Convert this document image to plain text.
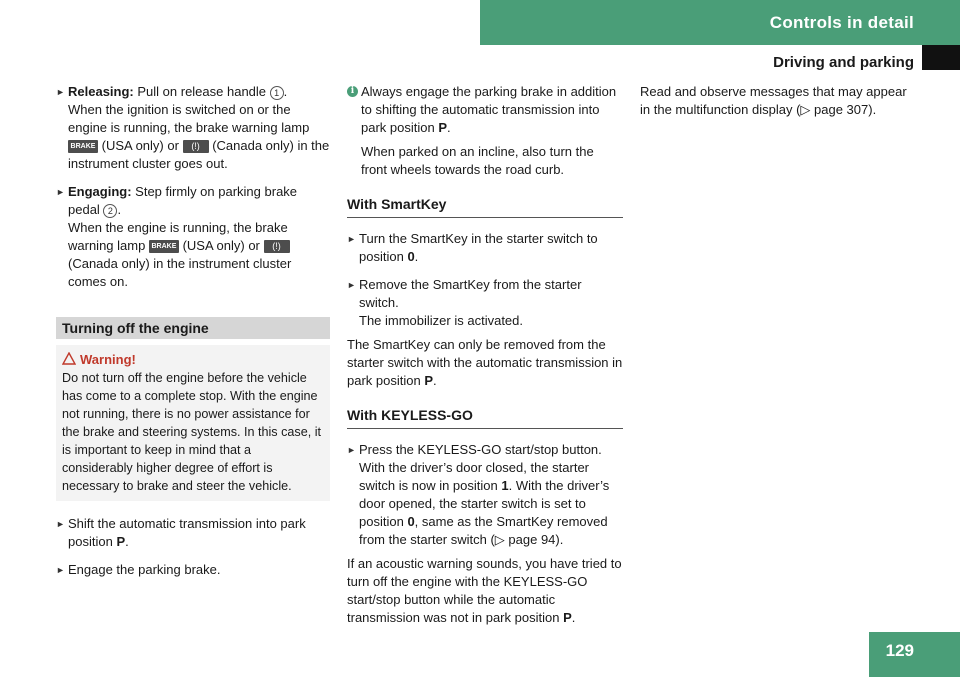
Controls in detail
Driving and parking
► Releasing: Pull on release handle 1 .
When the ignition is switched on or the engine is running, the brake warning lamp BRAKE (USA only) or (!) (Canada only) in the instrument cluster goes out.
► Engaging: Step firmly on parking brake pedal 2 .
When the engine is running, the brake warning lamp BRAKE (USA only) or (!) (Canada only) in the instrument cluster comes on.
Turning off the engine
Warning!
Do not turn off the engine before the vehicle has come to a complete stop. With the engine not running, there is no power assistance for the brake and steering systems. In this case, it is important to keep in mind that a considerably higher degree of effort is necessary to brake and steer the vehicle.
► Shift the automatic transmission into park position P.
► Engage the parking brake.
i Always engage the parking brake in addition to shifting the automatic transmission into park position P.
When parked on an incline, also turn the front wheels towards the road curb.
With SmartKey
► Turn the SmartKey in the starter switch to position 0.
► Remove the SmartKey from the starter switch.
The immobilizer is activated.
The SmartKey can only be removed from the starter switch with the automatic transmission in park position P.
With KEYLESS-GO
► Press the KEYLESS-GO start/stop button. With the driver’s door closed, the starter switch is now in position 1. With the driver’s door opened, the starter switch is set to position 0, same as the SmartKey removed from the starter switch (▷ page 94).
If an acoustic warning sounds, you have tried to turn off the engine with the KEYLESS-GO start/stop button while the automatic transmission was not in park position P.
Read and observe messages that may appear in the multifunction display (▷ page 307).
129
